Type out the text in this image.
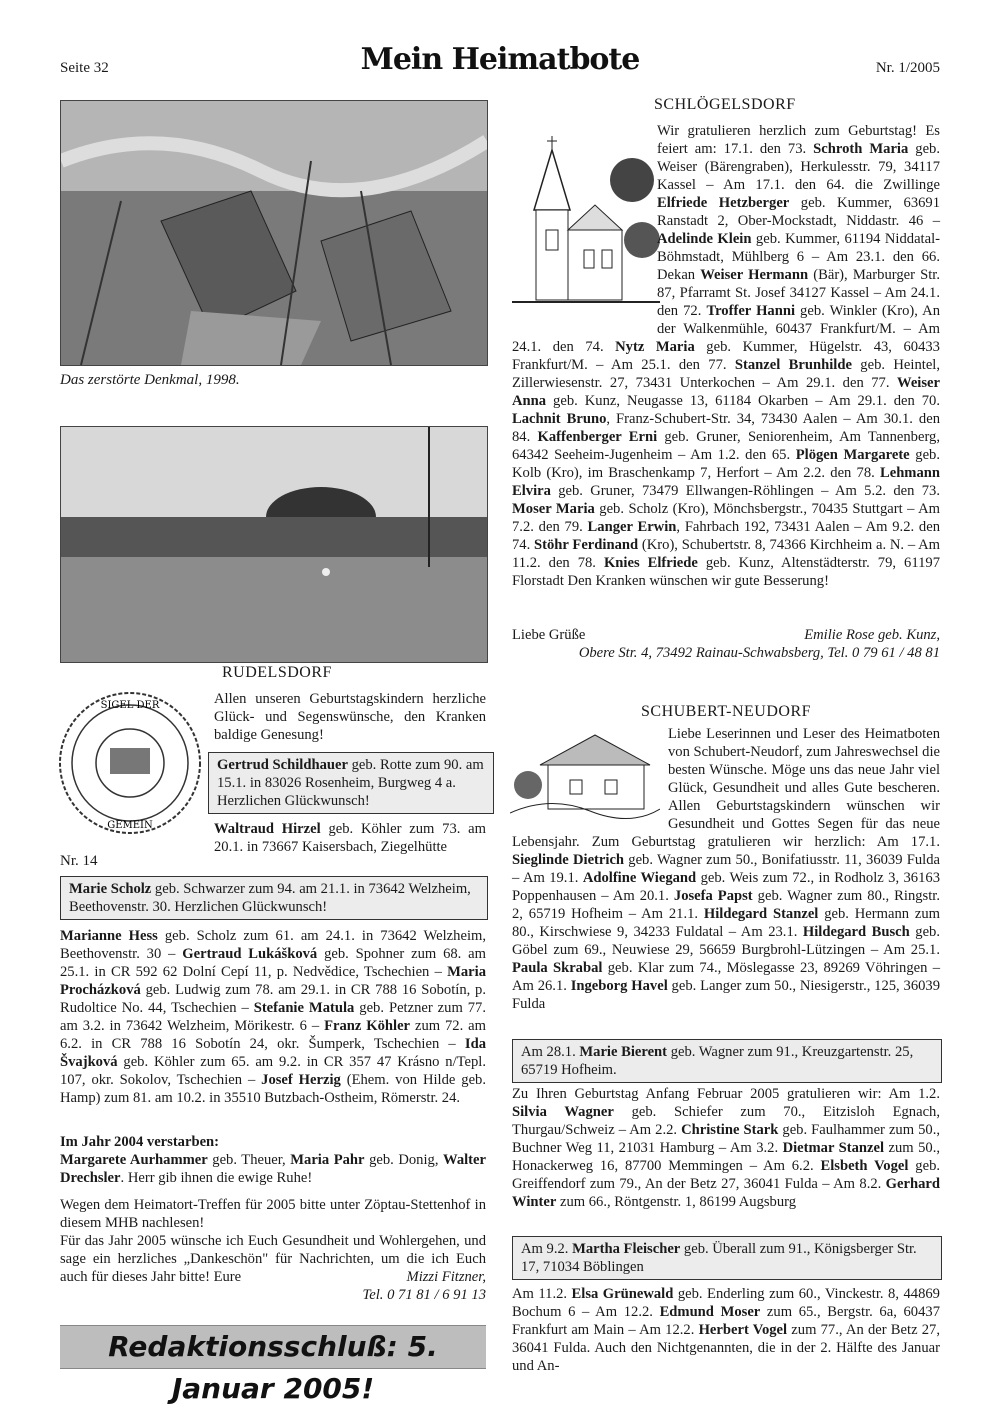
Seite 32	Mein Heimatbote	Nr. 1/2005
Das zerstörte Denkmal, 1998.
SIGEL DER
GEMEIN
Nr. 14
RUDELSDORF
Allen unseren Geburtstagskindern herzliche Glück- und Segenswünsche, den Kranken baldige Genesung!
Gertrud Schildhauer geb. Rotte zum 90. am 15.1. in 83026 Rosenheim, Burgweg 4 a. Herzlichen Glückwunsch!
Waltraud Hirzel geb. Köhler zum 73. am 20.1. in 73667 Kaisersbach, Ziegelhütte
Marie Scholz geb. Schwarzer zum 94. am 21.1. in 73642 Welzheim, Beethovenstr. 30. Herzlichen Glückwunsch!
Marianne Hess geb. Scholz zum 61. am 24.1. in 73642 Welzheim, Beethovenstr. 30 – Gertraud Lukášková geb. Spohner zum 68. am 25.1. in CR 592 62 Dolní Cepí 11, p. Nedvědice, Tschechien – Maria Procházková geb. Ludwig zum 78. am 29.1. in CR 788 16 Sobotín, p. Rudoltice No. 44, Tschechien – Stefanie Matula geb. Petzner zum 77. am 3.2. in 73642 Welzheim, Mörikestr. 6 – Franz Köhler zum 72. am 6.2. in CR 788 16 Sobotín 24, okr. Šumperk, Tschechien – Ida Švajková geb. Köhler zum 65. am 9.2. in CR 357 47 Krásno n/Tepl. 107, okr. Sokolov, Tschechien – Josef Herzig (Ehem. von Hilde geb. Hamp) zum 81. am 10.2. in 35510 Butzbach-Ostheim, Römerstr. 24.
Im Jahr 2004 verstarben:
Margarete Aurhammer geb. Theuer, Maria Pahr geb. Donig, Walter Drechsler. Herr gib ihnen die ewige Ruhe!
Wegen dem Heimatort-Treffen für 2005 bitte unter Zöptau-Stettenhof in diesem MHB nachlesen!
Für das Jahr 2005 wünsche ich Euch Gesundheit und Wohlergehen, und sage ein herzliches „Dankeschön" für Nachrichten, um die ich Euch auch für dieses Jahr bitte! Eure	Mizzi Fitzner,
Tel. 0 71 81 / 6 91 13
Redaktionsschluß: 5. Januar 2005!
SCHLÖGELSDORF
Wir gratulieren herzlich zum Geburtstag! Es feiert am: 17.1. den 73. Schroth Maria geb. Weiser (Bärengraben), Herkulesstr. 79, 34117 Kassel – Am 17.1. den 64. die Zwillinge Elfriede Hetzberger geb. Kummer, 63691 Ranstadt 2, Ober-Mockstadt, Niddastr. 46 – Adelinde Klein geb. Kummer, 61194 Niddatal-Böhmstadt, Mühlberg 6 – Am 23.1. den 66. Dekan Weiser Hermann (Bär), Marburger Str. 87, Pfarramt St. Josef 34127 Kassel – Am 24.1. den 72. Troffer Hanni geb. Winkler (Kro), An der Walkenmühle, 60437 Frankfurt/M. – Am 24.1. den 74. Nytz Maria geb. Kummer, Hügelstr. 43, 60433 Frankfurt/M. – Am 25.1. den 77. Stanzel Brunhilde geb. Heintel, Zillerwiesenstr. 27, 73431 Unterkochen – Am 29.1. den 77. Weiser Anna geb. Kunz, Neugasse 13, 61184 Okarben – Am 29.1. den 70. Lachnit Bruno, Franz-Schubert-Str. 34, 73430 Aalen – Am 30.1. den 84. Kaffenberger Erni geb. Gruner, Seniorenheim, Am Tannenberg, 64342 Seeheim-Jugenheim – Am 1.2. den 65. Plögen Margarete geb. Kolb (Kro), im Braschenkamp 7, Herfort – Am 2.2. den 78. Lehmann Elvira geb. Gruner, 73479 Ellwangen-Röhlingen – Am 5.2. den 73. Moser Maria geb. Scholz (Kro), Mönchsbergstr., 70435 Stuttgart – Am 7.2. den 79. Langer Erwin, Fahrbach 192, 73431 Aalen – Am 9.2. den 74. Stöhr Ferdinand (Kro), Schubertstr. 8, 74366 Kirchheim a. N. – Am 11.2. den 78. Knies Elfriede geb. Kunz, Altenstädterstr. 79, 61197 Florstadt Den Kranken wünschen wir gute Besserung!
Liebe Grüße	Emilie Rose geb. Kunz,
Obere Str. 4, 73492 Rainau-Schwabsberg, Tel. 0 79 61 / 48 81
SCHUBERT-NEUDORF
Liebe Leserinnen und Leser des Heimatboten von Schubert-Neudorf, zum Jahreswechsel die besten Wünsche. Möge uns das neue Jahr viel Glück, Gesundheit und alles Gute bescheren. Allen Geburtstagskindern wünschen wir Gesundheit und Gottes Segen für das neue Lebensjahr. Zum Geburtstag gratulieren wir herzlich: Am 17.1. Sieglinde Dietrich geb. Wagner zum 50., Bonifatiusstr. 11, 36039 Fulda – Am 19.1. Adolfine Wiegand geb. Weis zum 72., in Rodholz 3, 36163 Poppenhausen – Am 20.1. Josefa Papst geb. Wagner zum 80., Ringstr. 2, 65719 Hofheim – Am 21.1. Hildegard Stanzel geb. Hermann zum 80., Kirschwiese 9, 34233 Fuldatal – Am 23.1. Hildegard Busch geb. Göbel zum 69., Neuwiese 29, 56659 Burgbrohl-Lützingen – Am 25.1. Paula Skrabal geb. Klar zum 74., Möslegasse 23, 89269 Vöhringen – Am 26.1. Ingeborg Havel geb. Langer zum 50., Niesigerstr., 125, 36039 Fulda
Am 28.1. Marie Bierent geb. Wagner zum 91., Kreuzgartenstr. 25, 65719 Hofheim.
Zu Ihren Geburtstag Anfang Februar 2005 gratulieren wir: Am 1.2. Silvia Wagner geb. Schiefer zum 70., Eitzisloh Egnach, Thurgau/Schweiz – Am 2.2. Christine Stark geb. Faulhammer zum 50., Buchner Weg 11, 21031 Hamburg – Am 3.2. Dietmar Stanzel zum 50., Honackerweg 16, 87700 Memmingen – Am 6.2. Elsbeth Vogel geb. Greiffendorf zum 79., An der Betz 27, 36041 Fulda – Am 8.2. Gerhard Winter zum 66., Röntgenstr. 1, 86199 Augsburg
Am 9.2. Martha Fleischer geb. Überall zum 91., Königsberger Str. 17, 71034 Böblingen
Am 11.2. Elsa Grünewald geb. Enderling zum 60., Vinckestr. 8, 44869 Bochum 6 – Am 12.2. Edmund Moser zum 65., Bergstr. 6a, 60437 Frankfurt am Main – Am 12.2. Herbert Vogel zum 77., An der Betz 27, 36041 Fulda. Auch den Nichtgenannten, die in der 2. Hälfte des Januar und An-
